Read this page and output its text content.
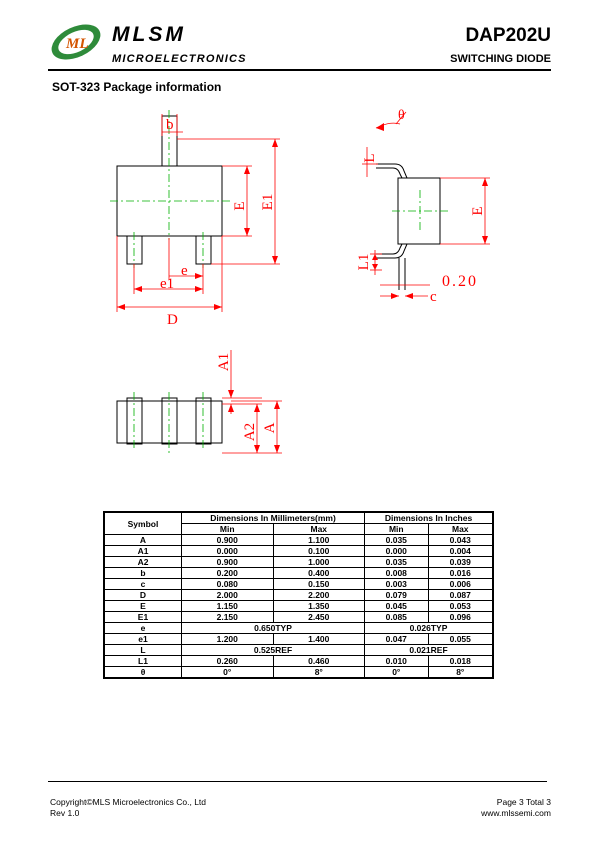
ML MLSM
MICROELECTRONICS
DAP202U
SWITCHING DIODE
SOT-323 Package information
b
E E1
e
e1
D
θ
L
E
L1
0.20
c
A1
A2 A
Symbol	Dimensions In Millimeters(mm)		Dimensions In Inches	
	Min	Max	Min	Max
A	0.900	1.100	0.035	0.043
A1	0.000	0.100	0.000	0.004
A2	0.900	1.000	0.035	0.039
b	0.200	0.400	0.008	0.016
c	0.080	0.150	0.003	0.006
D	2.000	2.200	0.079	0.087
E	1.150	1.350	0.045	0.053
E1	2.150	2.450	0.085	0.096
e	0.650TYP		0.026TYP	
e1	1.200	1.400	0.047	0.055
L	0.525REF		0.021REF	
L1	0.260	0.460	0.010	0.018
θ	0°	8°	0°	8°
Copyright©MLS Microelectronics Co., Ltd
Rev 1.0
Page 3 Total 3
www.mlssemi.com
